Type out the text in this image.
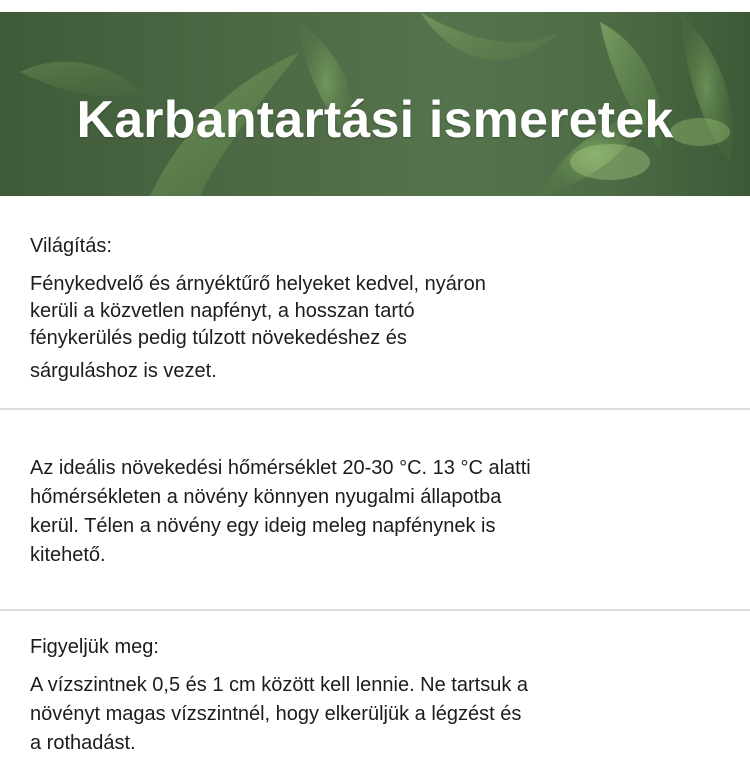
Karbantartási ismeretek
Világítás:
Fénykedvelő és árnyéktűrő helyeket kedvel, nyáron
kerüli a közvetlen napfényt, a hosszan tartó
fénykerülés pedig túlzott növekedéshez és
sárguláshoz is vezet.
Az ideális növekedési hőmérséklet 20-30 °C. 13 °C alatti
hőmérsékleten a növény könnyen nyugalmi állapotba
kerül. Télen a növény egy ideig meleg napfénynek is
kitehető.
Figyeljük meg:
A vízszintnek 0,5 és 1 cm között kell lennie. Ne tartsuk a
növényt magas vízszintnél, hogy elkerüljük a légzést és
a rothadást.
